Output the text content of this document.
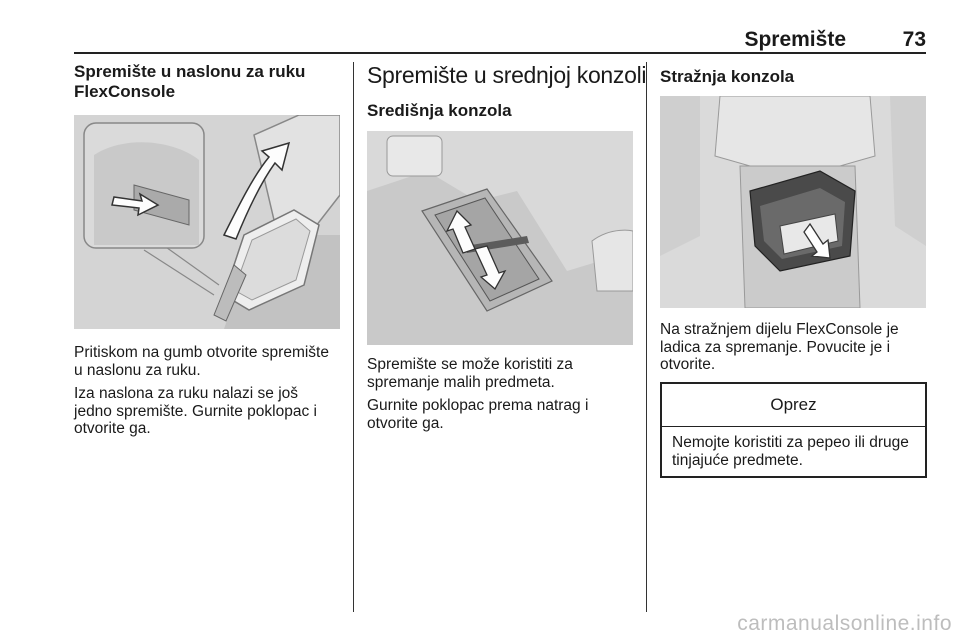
Spremište	73
Spremište u naslonu za ruku FlexConsole

Pritiskom na gumb otvorite spremište u naslonu za ruku.

Iza naslona za ruku nalazi se još jedno spremište. Gurnite poklopac i otvorite ga.

Spremište u srednjoj konzoli
Središnja konzola

Spremište se može koristiti za spremanje malih predmeta.

Gurnite poklopac prema natrag i otvorite ga.

Stražnja konzola

Na stražnjem dijelu FlexConsole je ladica za spremanje. Povucite je i otvorite.

Oprez
Nemojte koristiti za pepeo ili druge tinjajuće predmete.
carmanualsonline.info
